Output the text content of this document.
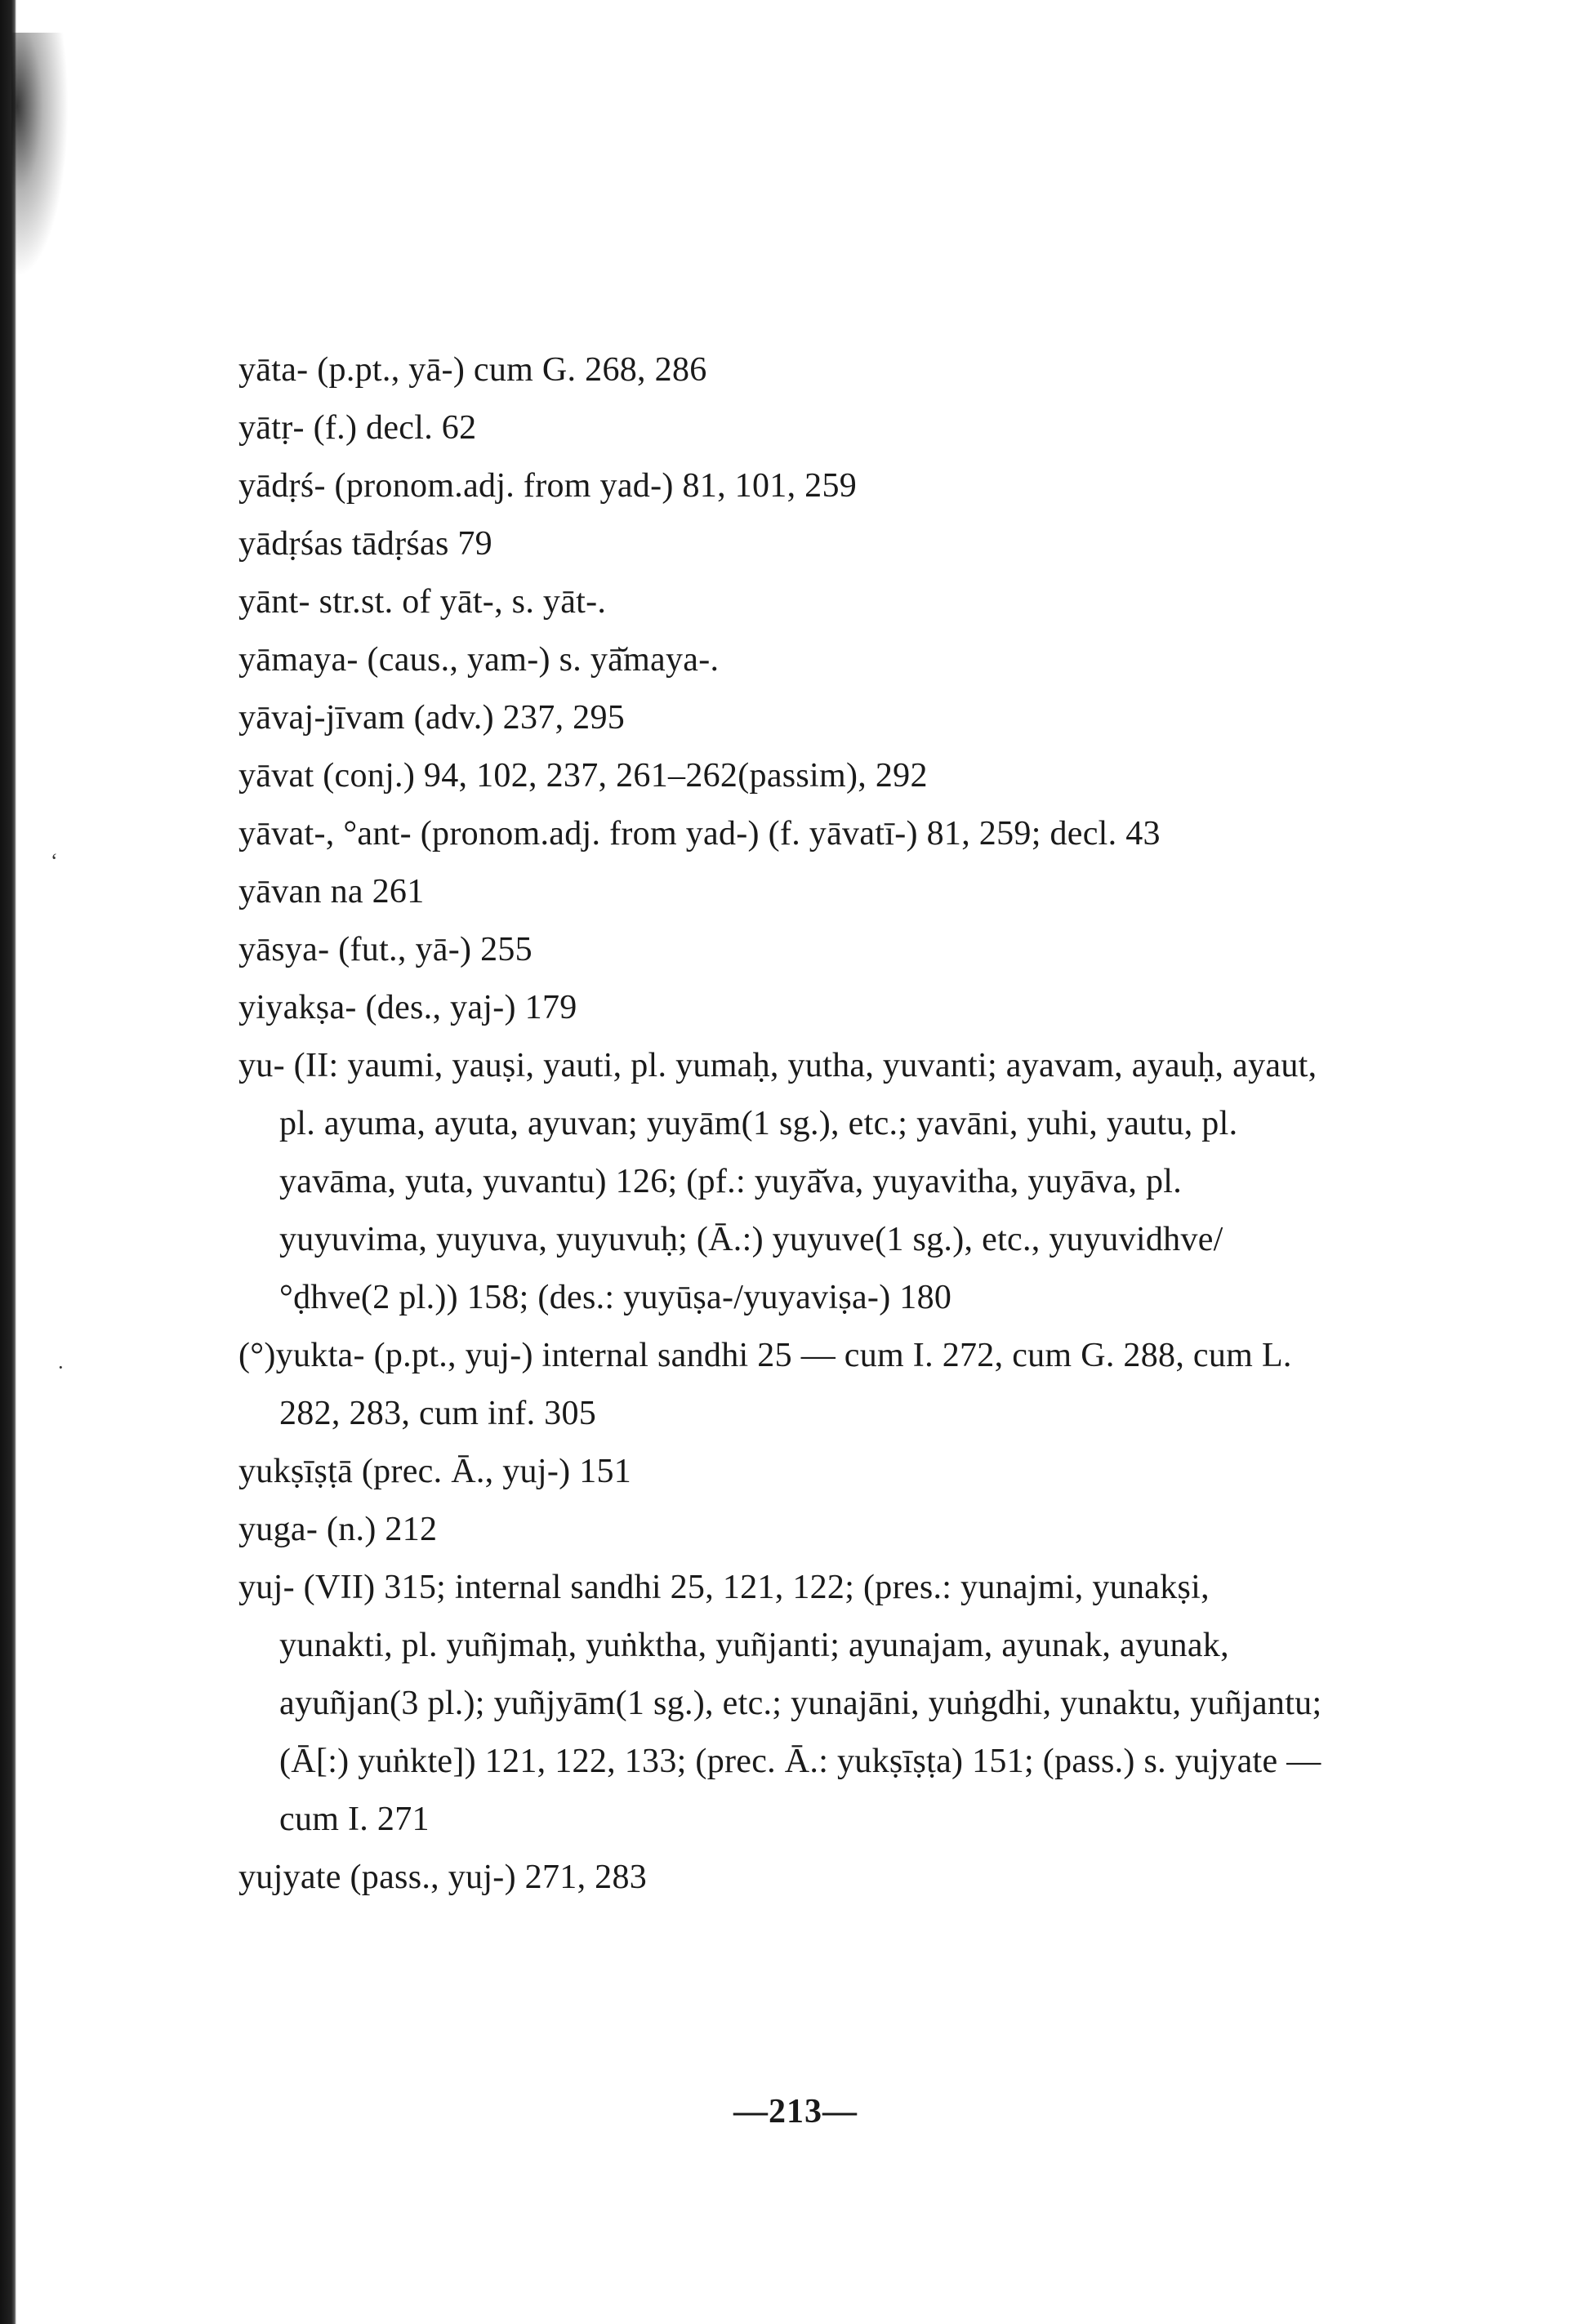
ʻ
·
yāta- (p.pt., yā-) cum G. 268, 286
yātṛ- (f.) decl. 62
yādṛś- (pronom.adj. from yad-) 81, 101, 259
yādṛśas tādṛśas 79
yānt- str.st. of yāt-, s. yāt-.
yāmaya- (caus., yam-) s. yā̆maya-.
yāvaj-jīvam (adv.) 237, 295
yāvat (conj.) 94, 102, 237, 261–262(passim), 292
yāvat-, °ant- (pronom.adj. from yad-) (f. yāvatī-) 81, 259; decl. 43
yāvan na 261
yāsya- (fut., yā-) 255
yiyakṣa- (des., yaj-) 179
yu- (II: yaumi, yauṣi, yauti, pl. yumaḥ, yutha, yuvanti; ayavam, ayauḥ, ayaut, pl. ayuma, ayuta, ayuvan; yuyām(1 sg.), etc.; yavāni, yuhi, yautu, pl. yavāma, yuta, yuvantu) 126; (pf.: yuyā̆va, yuyavitha, yuyāva, pl. yuyuvima, yuyuva, yuyuvuḥ; (Ā.:) yuyuve(1 sg.), etc., yuyuvidhve/°ḍhve(2 pl.)) 158; (des.: yuyūṣa-/yuyaviṣa-) 180
(°)yukta- (p.pt., yuj-) internal sandhi 25 — cum I. 272, cum G. 288, cum L. 282, 283, cum inf. 305
yukṣīṣṭā (prec. Ā., yuj-) 151
yuga- (n.) 212
yuj- (VII) 315; internal sandhi 25, 121, 122; (pres.: yunajmi, yunakṣi, yunakti, pl. yuñjmaḥ, yuṅktha, yuñjanti; ayunajam, ayunak, ayunak, ayuñjan(3 pl.); yuñjyām(1 sg.), etc.; yunajāni, yuṅgdhi, yunaktu, yuñjantu; (Ā[:) yuṅkte]) 121, 122, 133; (prec. Ā.: yukṣīṣṭa) 151; (pass.) s. yujyate — cum I. 271
yujyate (pass., yuj-) 271, 283
—213—
